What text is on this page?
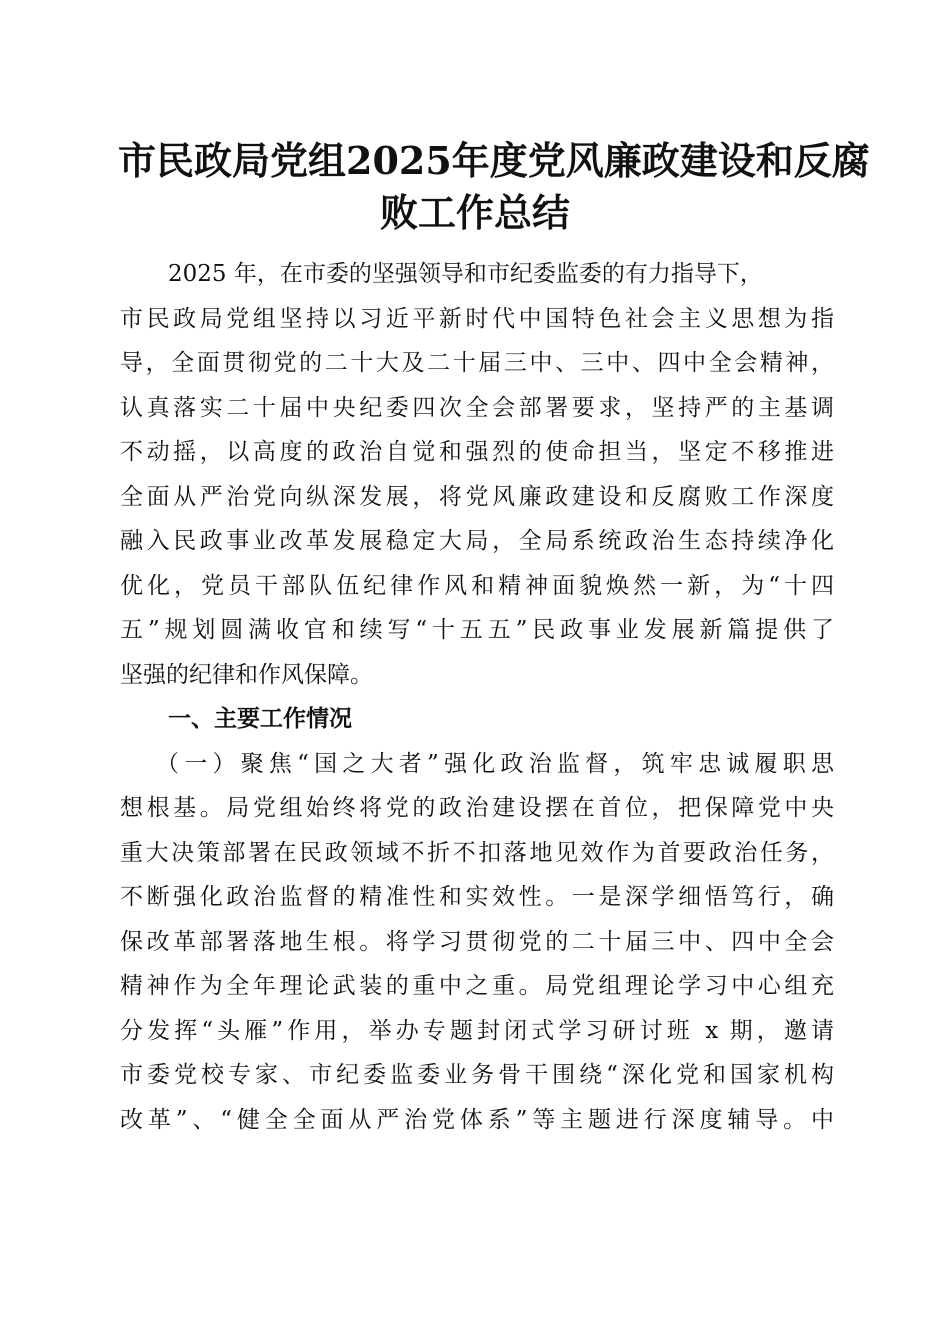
市民政局党组2025年度党风廉政建设和反腐
败工作总结
2025 年，在市委的坚强领导和市纪委监委的有力指导下，
市民政局党组坚持以习近平新时代中国特色社会主义思想为指
导，全面贯彻党的二十大及二十届三中、三中、四中全会精神，
认真落实二十届中央纪委四次全会部署要求，坚持严的主基调
不动摇，以高度的政治自觉和强烈的使命担当，坚定不移推进
全面从严治党向纵深发展，将党风廉政建设和反腐败工作深度
融入民政事业改革发展稳定大局，全局系统政治生态持续净化
优化，党员干部队伍纪律作风和精神面貌焕然一新，为“十四
五”规划圆满收官和续写“十五五”民政事业发展新篇提供了
坚强的纪律和作风保障。
一、主要工作情况
（一）聚焦“国之大者”强化政治监督，筑牢忠诚履职思
想根基。局党组始终将党的政治建设摆在首位，把保障党中央
重大决策部署在民政领域不折不扣落地见效作为首要政治任务，
不断强化政治监督的精准性和实效性。一是深学细悟笃行，确
保改革部署落地生根。将学习贯彻党的二十届三中、四中全会
精神作为全年理论武装的重中之重。局党组理论学习中心组充
分发挥“头雁”作用，举办专题封闭式学习研讨班 x 期，邀请
市委党校专家、市纪委监委业务骨干围绕“深化党和国家机构
改革”、“健全全面从严治党体系”等主题进行深度辅导。中
